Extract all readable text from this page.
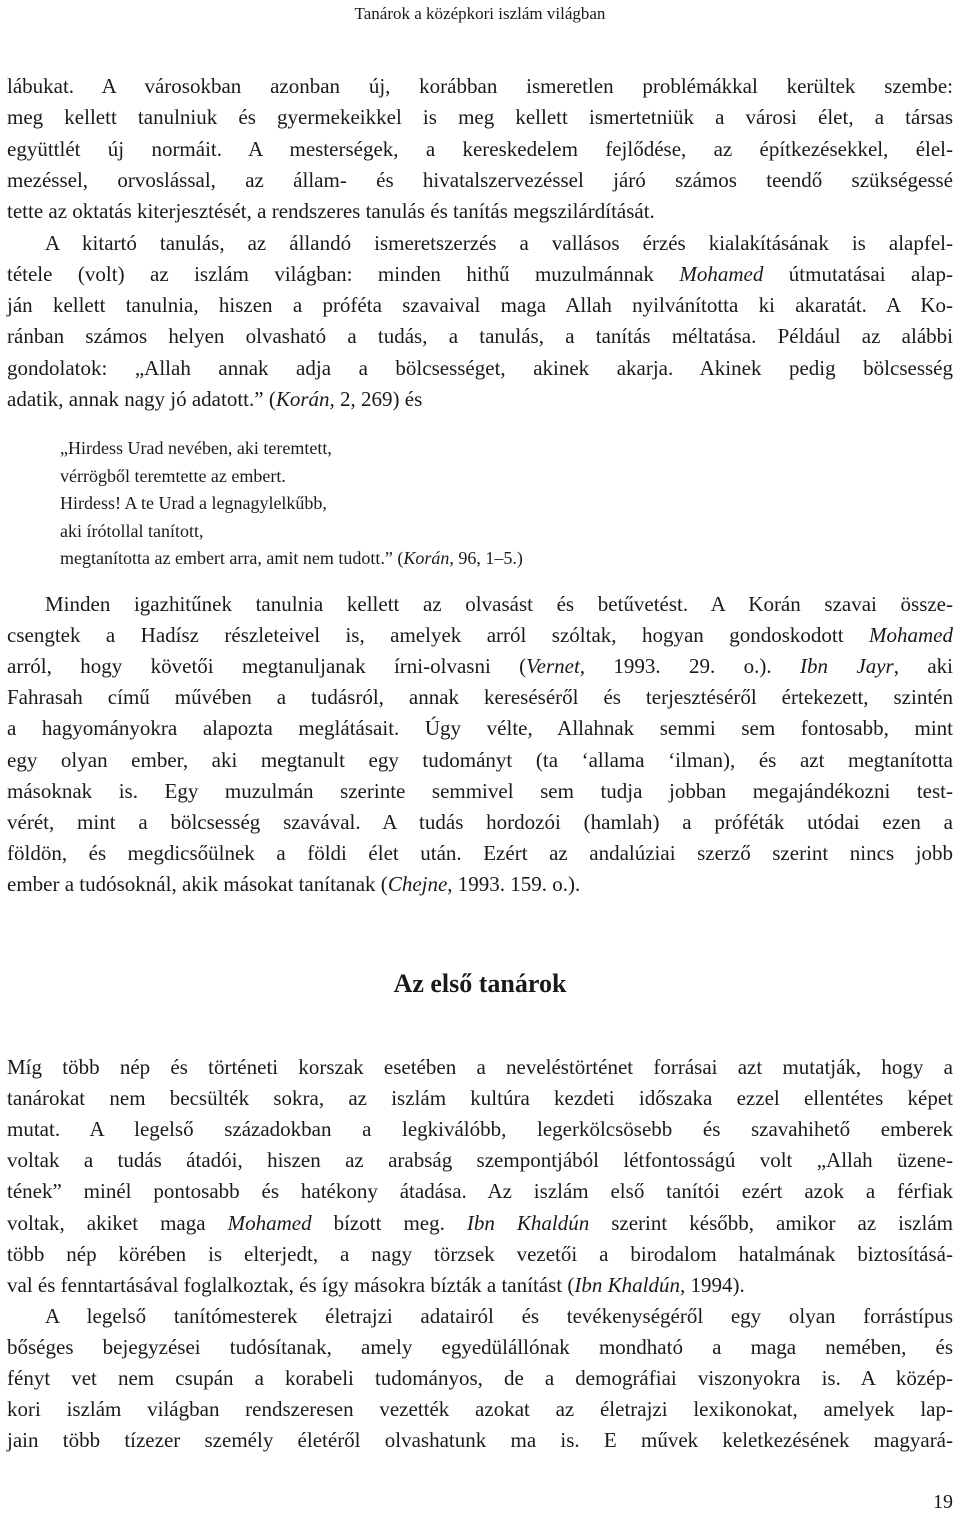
Tanárok a középkori iszlám világban
lábukat. A városokban azonban új, korábban ismeretlen problémákkal kerültek szembe:
meg kellett tanulniuk és gyermekeikkel is meg kellett ismertetniük a városi élet, a társas
együttlét új normáit. A mesterségek, a kereskedelem fejlődése, az építkezésekkel, élel-
mezéssel, orvoslással, az állam- és hivatalszervezéssel járó számos teendő szükségessé
tette az oktatás kiterjesztését, a rendszeres tanulás és tanítás megszilárdítását.
A kitartó tanulás, az állandó ismeretszerzés a vallásos érzés kialakításának is alapfel-
tétele (volt) az iszlám világban: minden hithű muzulmánnak Mohamed útmutatásai alap-
ján kellett tanulnia, hiszen a próféta szavaival maga Allah nyilvánította ki akaratát. A Ko-
ránban számos helyen olvasható a tudás, a tanulás, a tanítás méltatása. Például az alábbi
gondolatok: „Allah annak adja a bölcsességet, akinek akarja. Akinek pedig bölcsesség
adatik, annak nagy jó adatott.” (Korán, 2, 269) és
„Hirdess Urad nevében, aki teremtett,
vérrögből teremtette az embert.
Hirdess! A te Urad a legnagylelkűbb,
aki írótollal tanított,
megtanította az embert arra, amit nem tudott.” (Korán, 96, 1–5.)
Minden igazhitűnek tanulnia kellett az olvasást és betűvetést. A Korán szavai össze-
csengtek a Hadísz részleteivel is, amelyek arról szóltak, hogyan gondoskodott Mohamed
arról, hogy követői megtanuljanak írni-olvasni (Vernet, 1993. 29. o.). Ibn Jayr, aki
Fahrasah című művében a tudásról, annak kereséséről és terjesztéséről értekezett, szintén
a hagyományokra alapozta meglátásait. Úgy vélte, Allahnak semmi sem fontosabb, mint
egy olyan ember, aki megtanult egy tudományt (ta ‘allama ‘ilman), és azt megtanította
másoknak is. Egy muzulmán szerinte semmivel sem tudja jobban megajándékozni test-
vérét, mint a bölcsesség szavával. A tudás hordozói (hamlah) a próféták utódai ezen a
földön, és megdicsőülnek a földi élet után. Ezért az andalúziai szerző szerint nincs jobb
ember a tudósoknál, akik másokat tanítanak (Chejne, 1993. 159. o.).
Míg több nép és történeti korszak esetében a neveléstörténet forrásai azt mutatják, hogy a
tanárokat nem becsülték sokra, az iszlám kultúra kezdeti időszaka ezzel ellentétes képet
mutat. A legelső századokban a legkiválóbb, legerkölcsösebb és szavahihető emberek
voltak a tudás átadói, hiszen az arabság szempontjából létfontosságú volt „Allah üzene-
tének” minél pontosabb és hatékony átadása. Az iszlám első tanítói ezért azok a férfiak
voltak, akiket maga Mohamed bízott meg. Ibn Khaldún szerint később, amikor az iszlám
több nép körében is elterjedt, a nagy törzsek vezetői a birodalom hatalmának biztosításá-
val és fenntartásával foglalkoztak, és így másokra bízták a tanítást (Ibn Khaldún, 1994).
A legelső tanítómesterek életrajzi adatairól és tevékenységéről egy olyan forrástípus
bőséges bejegyzései tudósítanak, amely egyedülállónak mondható a maga nemében, és
fényt vet nem csupán a korabeli tudományos, de a demográfiai viszonyokra is. A közép-
kori iszlám világban rendszeresen vezették azokat az életrajzi lexikonokat, amelyek lap-
jain több tízezer személy életéről olvashatunk ma is. E művek keletkezésének magyará-
Az első tanárok
19
